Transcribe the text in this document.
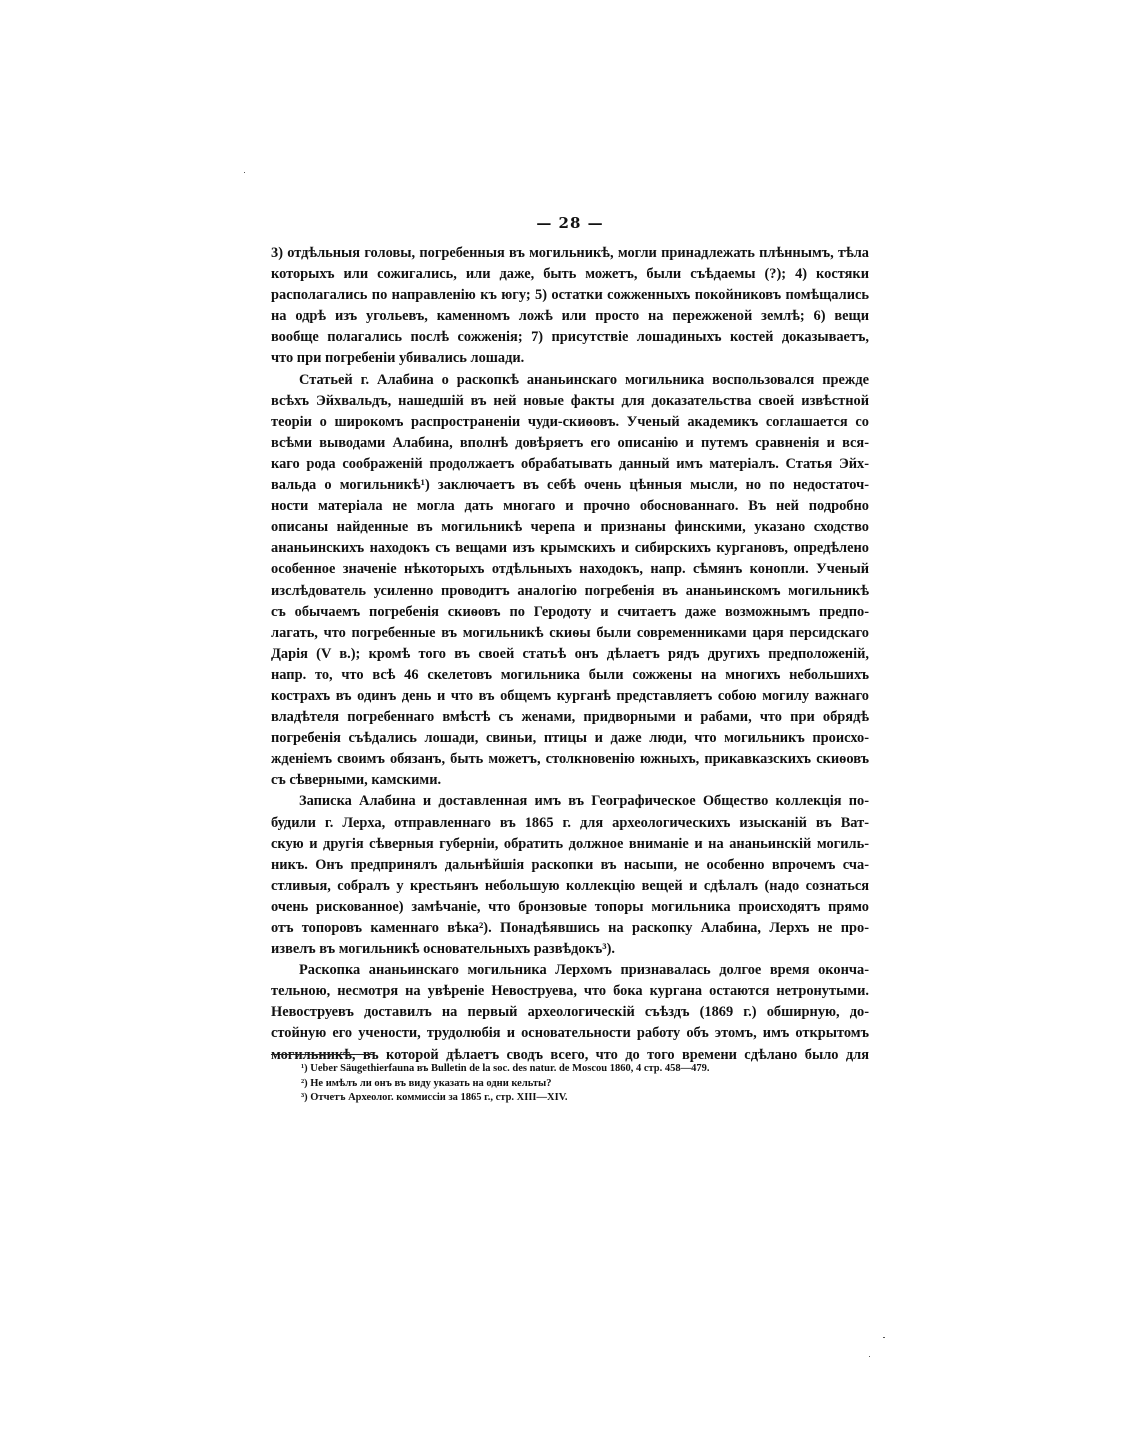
— 28 —
3) отдѣльныя головы, погребенныя въ могильникѣ, могли принадлежать плѣннымъ, тѣла
которыхъ или сожигались, или даже, быть можетъ, были съѣдаемы (?); 4) костяки
располагались по направленію къ югу; 5) остатки сожженныхъ покойниковъ помѣщались
на одрѣ изъ угольевъ, каменномъ ложѣ или просто на пережженой землѣ; 6) вещи
вообще полагались послѣ сожженія; 7) присутствіе лошадиныхъ костей доказываетъ,
что при погребеніи убивались лошади.
Статьей г. Алабина о раскопкѣ ананьинскаго могильника воспользовался прежде
всѣхъ Эйхвальдъ, нашедшій въ ней новые факты для доказательства своей извѣстной
теоріи о широкомъ распространеніи чуди-скиѳовъ. Ученый академикъ соглашается со
всѣми выводами Алабина, вполнѣ довѣряетъ его описанію и путемъ сравненія и вся-
каго рода соображеній продолжаетъ обрабатывать данный имъ матеріалъ. Статья Эйх-
вальда о могильникѣ¹) заключаетъ въ себѣ очень цѣнныя мысли, но по недостаточ-
ности матеріала не могла дать многаго и прочно обоснованнаго. Въ ней подробно
описаны найденные въ могильникѣ черепа и признаны финскими, указано сходство
ананьинскихъ находокъ съ вещами изъ крымскихъ и сибирскихъ кургановъ, опредѣлено
особенное значеніе нѣкоторыхъ отдѣльныхъ находокъ, напр. сѣмянъ конопли. Ученый
изслѣдователь усиленно проводитъ аналогію погребенія въ ананьинскомъ могильникѣ
съ обычаемъ погребенія скиѳовъ по Геродоту и считаетъ даже возможнымъ предпо-
лагать, что погребенные въ могильникѣ скиѳы были современниками царя персидскаго
Дарія (V в.); кромѣ того въ своей статьѣ онъ дѣлаетъ рядъ другихъ предположеній,
напр. то, что всѣ 46 скелетовъ могильника были сожжены на многихъ небольшихъ
кострахъ въ одинъ день и что въ общемъ курганѣ представляетъ собою могилу важнаго
владѣтеля погребеннаго вмѣстѣ съ женами, придворными и рабами, что при обрядѣ
погребенія съѣдались лошади, свиньи, птицы и даже люди, что могильникъ происхо-
жденіемъ своимъ обязанъ, быть можетъ, столкновенію южныхъ, прикавказскихъ скиѳовъ
съ сѣверными, камскими.
Записка Алабина и доставленная имъ въ Географическое Общество коллекція по-
будили г. Лерха, отправленнаго въ 1865 г. для археологическихъ изысканій въ Ват-
скую и другія сѣверныя губерніи, обратить должное вниманіе и на ананьинскій могиль-
никъ. Онъ предпринялъ дальнѣйшія раскопки въ насыпи, не особенно впрочемъ сча-
стливыя, собралъ у крестьянъ небольшую коллекцію вещей и сдѣлалъ (надо сознаться
очень рискованное) замѣчаніе, что бронзовые топоры могильника происходятъ прямо
отъ топоровъ каменнаго вѣка²). Понадѣявшись на раскопку Алабина, Лерхъ не про-
извелъ въ могильникѣ основательныхъ развѣдокъ³).
Раскопка ананьинскаго могильника Лерхомъ признавалась долгое время оконча-
тельною, несмотря на увѣреніе Невоструева, что бока кургана остаются нетронутыми.
Невоструевъ доставилъ на первый археологическій съѣздъ (1869 г.) обширную, до-
стойную его учености, трудолюбія и основательности работу объ этомъ, имъ открытомъ
могильникѣ, въ которой дѣлаетъ сводъ всего, что до того времени сдѣлано было для
¹) Ueber Säugethierfauna въ Bulletin de la soc. des natur. de Moscou 1860, 4 стр. 458—479.
²) Не имѣлъ ли онъ въ виду указать на одни кельты?
³) Отчетъ Археолог. коммиссіи за 1865 г., стр. XIII—XIV.
